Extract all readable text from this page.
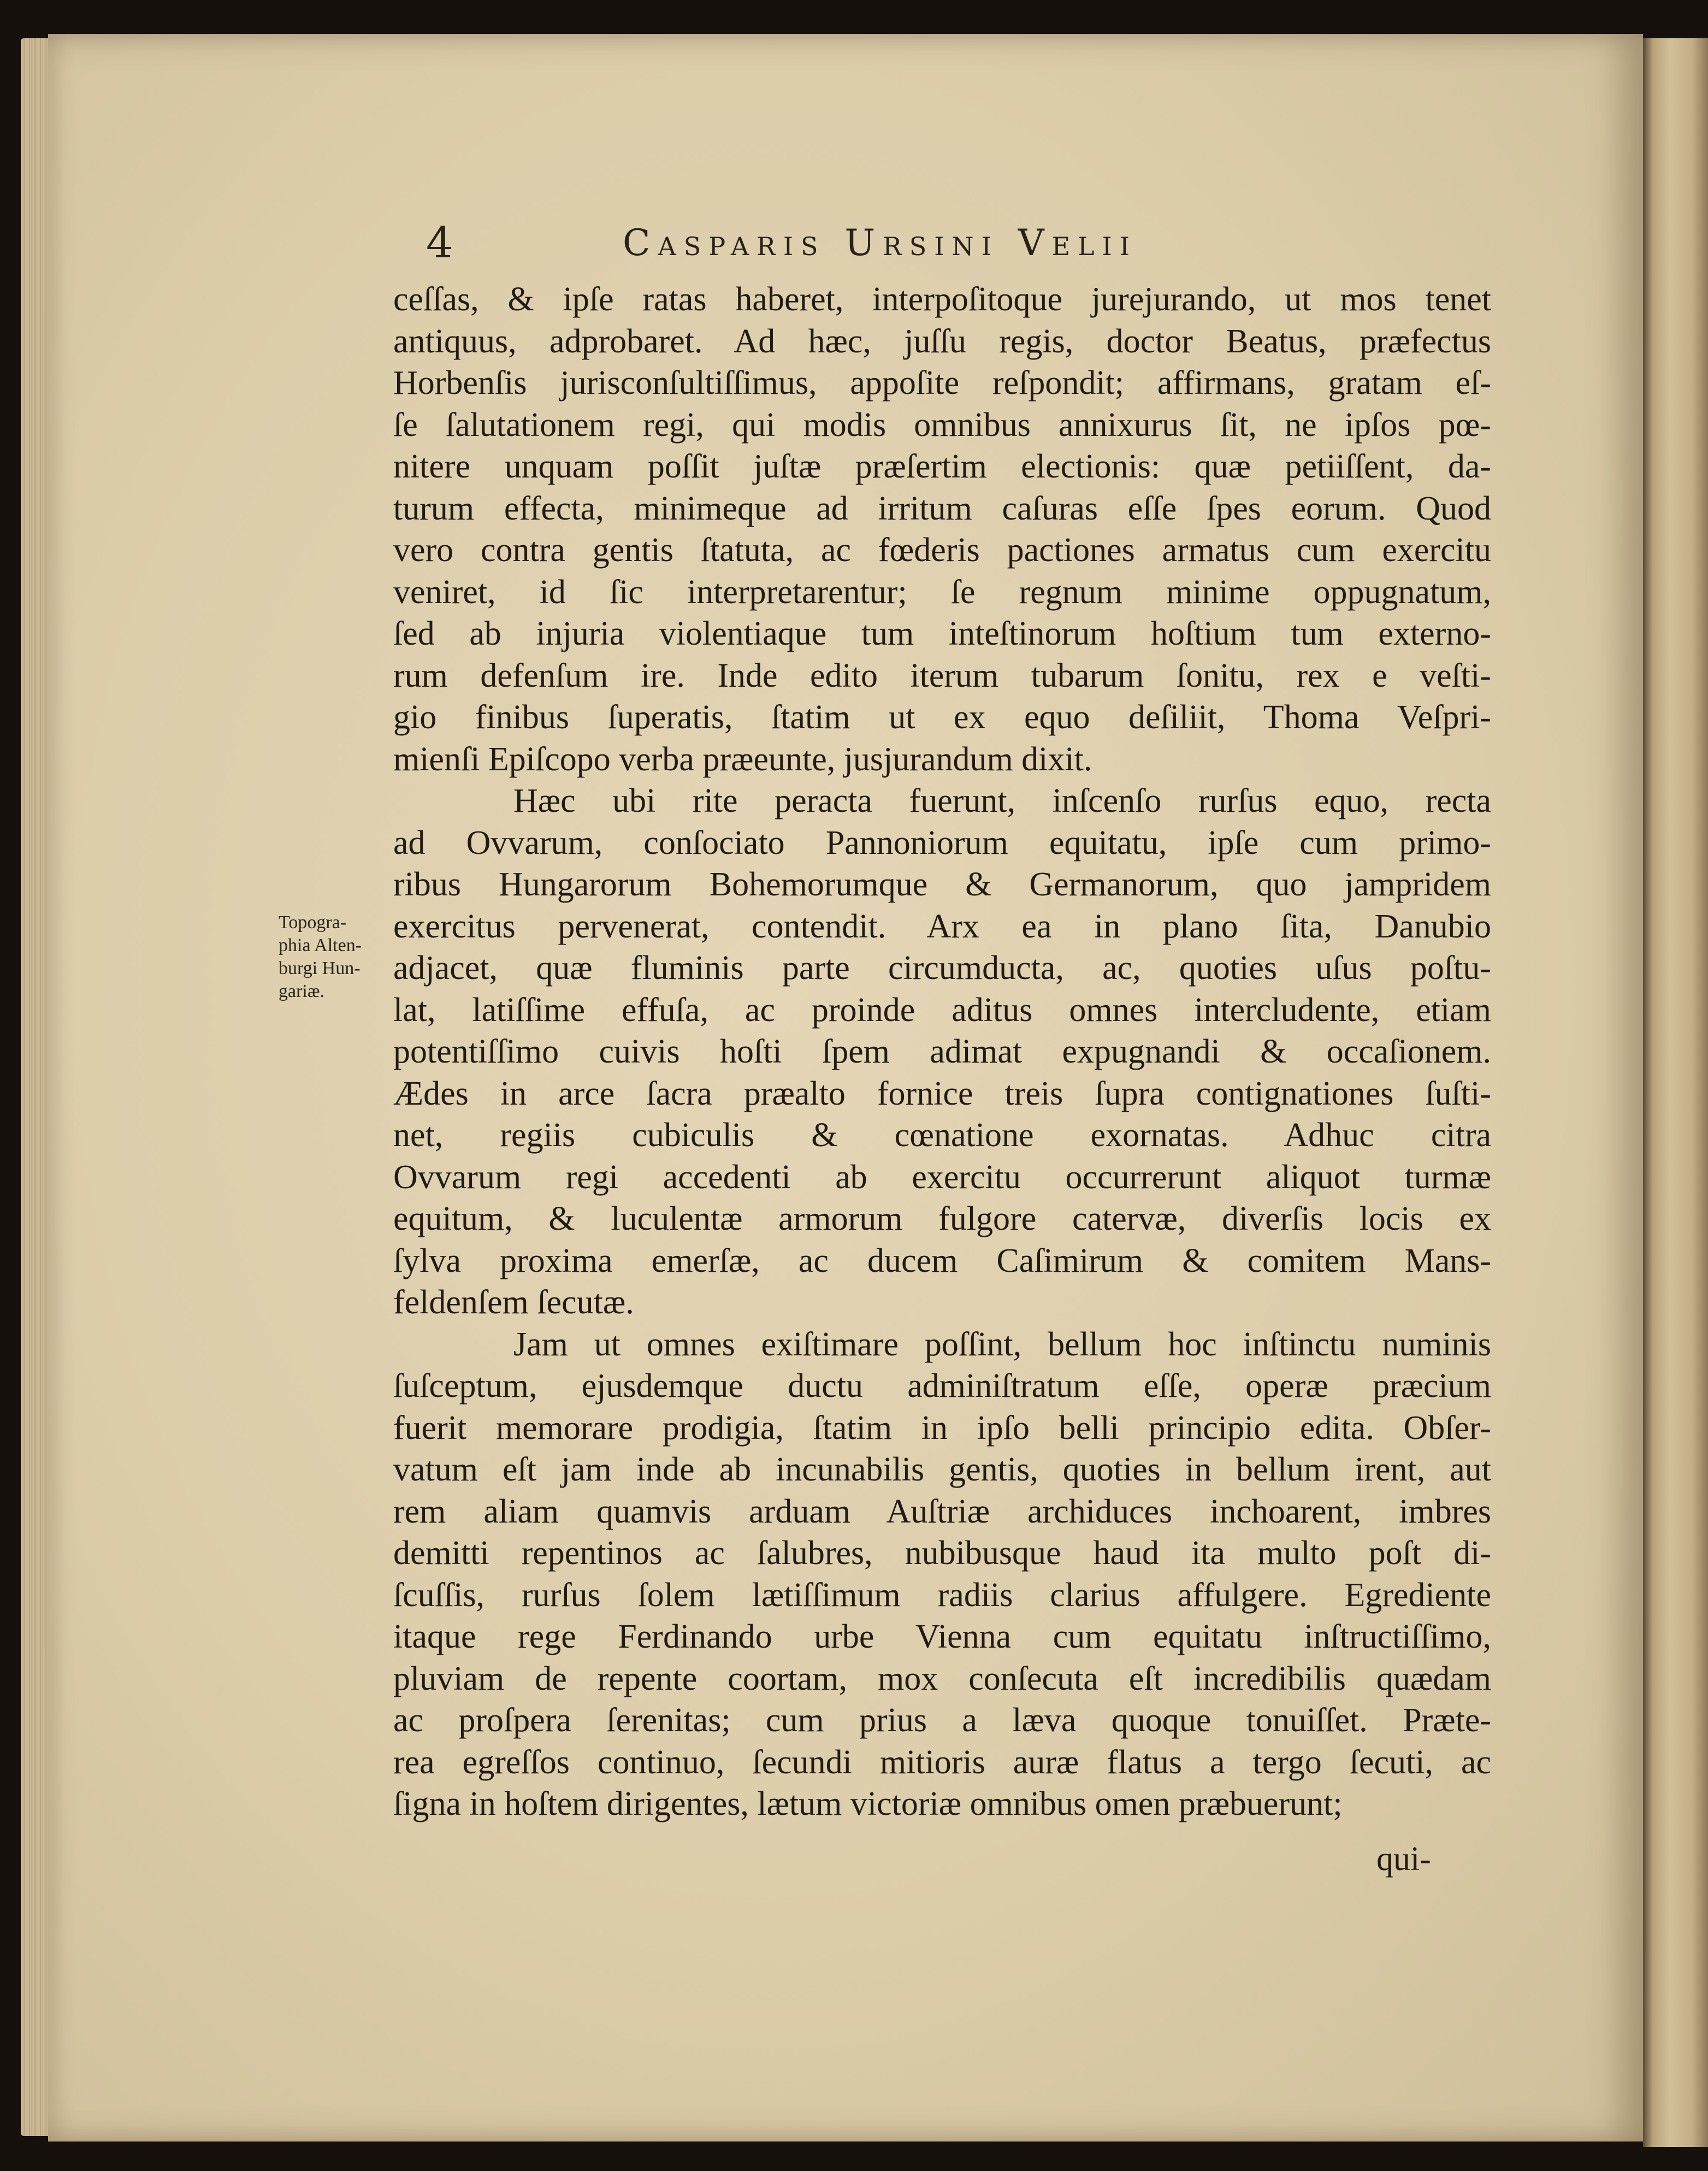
4	Casparis Ursini Velii
Topogra-
phia Alten-
burgi Hun-
gariæ.

ceſſas, & ipſe ratas haberet, interpoſitoque jurejurando, ut mos tenet

antiquus, adprobaret. Ad hæc, juſſu regis, doctor Beatus, præfectus

Horbenſis jurisconſultiſſimus, appoſite reſpondit; affirmans, gratam eſ-

ſe ſalutationem regi, qui modis omnibus annixurus ſit, ne ipſos pœ-

nitere unquam poſſit juſtæ præſertim electionis: quæ petiiſſent, da-

turum effecta, minimeque ad irritum caſuras eſſe ſpes eorum. Quod

vero contra gentis ſtatuta, ac fœderis pactiones armatus cum exercitu

veniret, id ſic interpretarentur; ſe regnum minime oppugnatum,

ſed ab injuria violentiaque tum inteſtinorum hoſtium tum externo-

rum defenſum ire. Inde edito iterum tubarum ſonitu, rex e veſti-

gio finibus ſuperatis, ſtatim ut ex equo deſiliit, Thoma Veſpri-

mienſi Epiſcopo verba præeunte, jusjurandum dixit.

Hæc ubi rite peracta fuerunt, inſcenſo rurſus equo, recta

ad Ovvarum, conſociato Pannoniorum equitatu, ipſe cum primo-

ribus Hungarorum Bohemorumque & Germanorum, quo jampridem

exercitus pervenerat, contendit. Arx ea in plano ſita, Danubio

adjacet, quæ fluminis parte circumducta, ac, quoties uſus poſtu-

lat, latiſſime effuſa, ac proinde aditus omnes intercludente, etiam

potentiſſimo cuivis hoſti ſpem adimat expugnandi & occaſionem.

Ædes in arce ſacra præalto fornice treis ſupra contignationes ſuſti-

net, regiis cubiculis & cœnatione exornatas. Adhuc citra

Ovvarum regi accedenti ab exercitu occurrerunt aliquot turmæ

equitum, & luculentæ armorum fulgore catervæ, diverſis locis ex

ſylva proxima emerſæ, ac ducem Caſimirum & comitem Mans-

feldenſem ſecutæ.

Jam ut omnes exiſtimare poſſint, bellum hoc inſtinctu numinis

ſuſceptum, ejusdemque ductu adminiſtratum eſſe, operæ præcium

fuerit memorare prodigia, ſtatim in ipſo belli principio edita. Obſer-

vatum eſt jam inde ab incunabilis gentis, quoties in bellum irent, aut

rem aliam quamvis arduam Auſtriæ archiduces inchoarent, imbres

demitti repentinos ac ſalubres, nubibusque haud ita multo poſt di-

ſcuſſis, rurſus ſolem lætiſſimum radiis clarius affulgere. Egrediente

itaque rege Ferdinando urbe Vienna cum equitatu inſtructiſſimo,

pluviam de repente coortam, mox conſecuta eſt incredibilis quædam

ac proſpera ſerenitas; cum prius a læva quoque tonuiſſet. Præte-

rea egreſſos continuo, ſecundi mitioris auræ flatus a tergo ſecuti, ac

ſigna in hoſtem dirigentes, lætum victoriæ omnibus omen præbuerunt;

qui-
